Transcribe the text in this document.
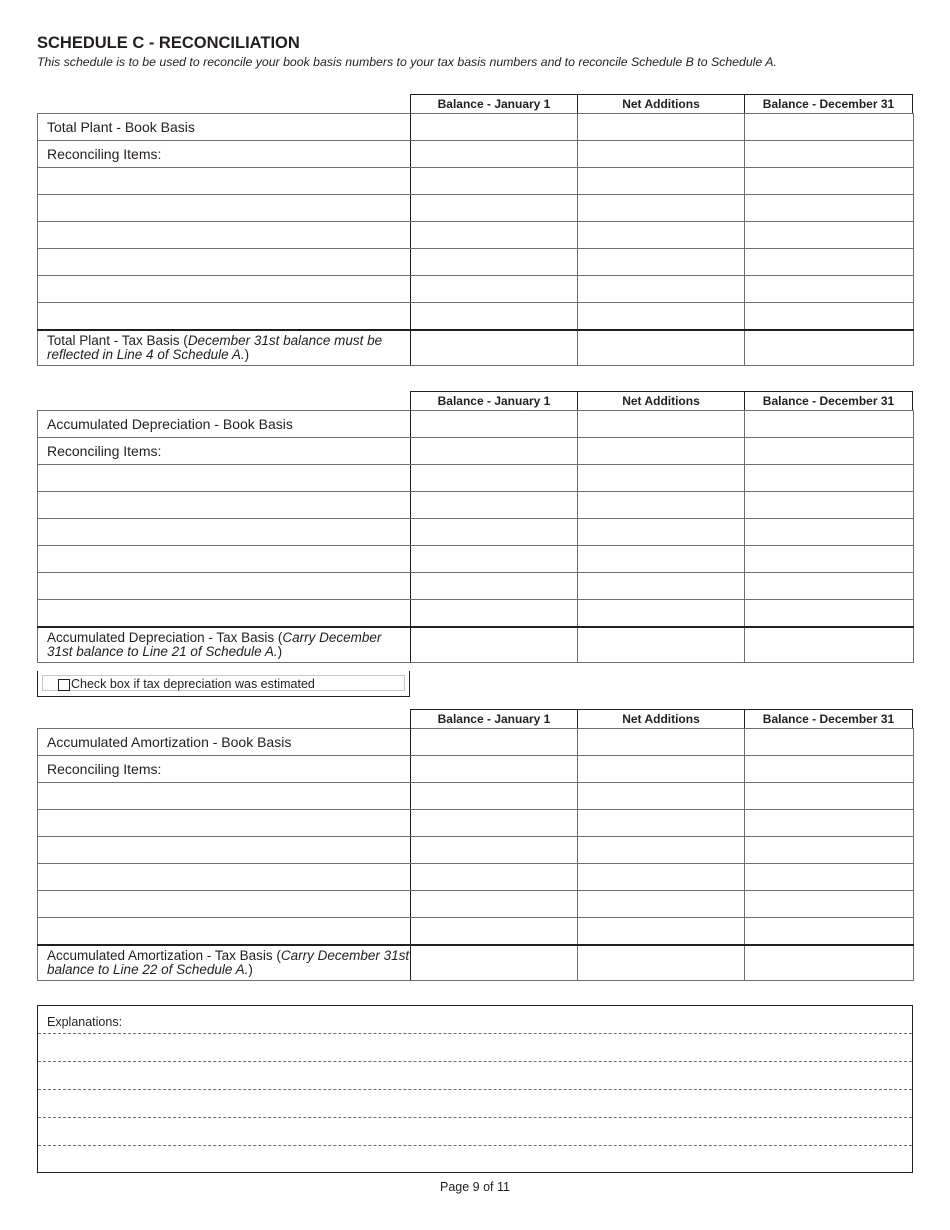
SCHEDULE C - RECONCILIATION

This schedule is to be used to reconcile your book basis numbers to your tax basis numbers and to reconcile Schedule B to Schedule A.

Balance - January 1	Net Additions	Balance - December 31
Total Plant - Book Basis			
Reconciling Items:			

Total Plant - Tax Basis (December 31st balance must be reflected in Line 4 of Schedule A.)			
Balance - January 1	Net Additions	Balance - December 31
Accumulated Depreciation - Book Basis			
Reconciling Items:			

Accumulated Depreciation - Tax Basis (Carry December 31st balance to Line 21 of Schedule A.)			
Check box if tax depreciation was estimated
Balance - January 1	Net Additions	Balance - December 31
Accumulated Amortization - Book Basis			
Reconciling Items:			

Accumulated Amortization - Tax Basis (Carry December 31st balance to Line 22 of Schedule A.)			
Explanations:
Page 9 of 11
